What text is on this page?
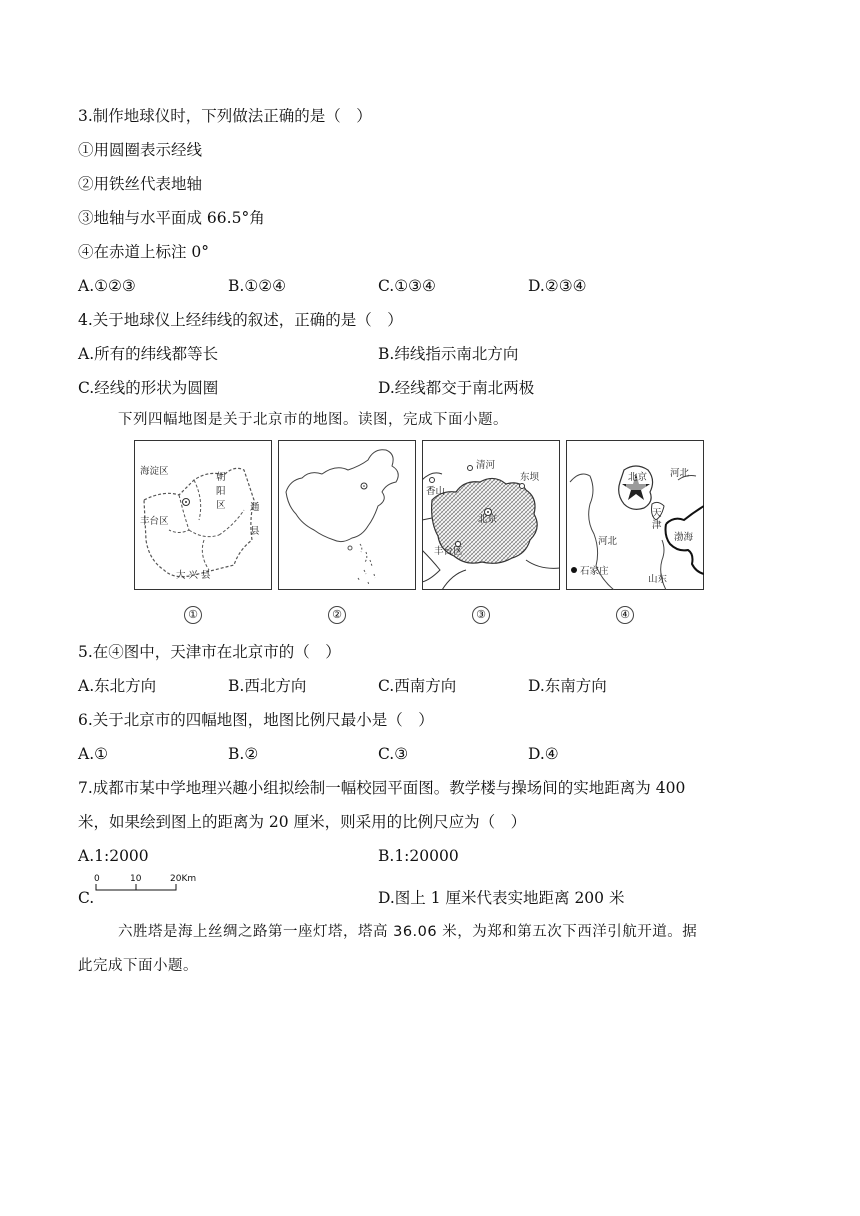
3.制作地球仪时，下列做法正确的是（　）
①用圆圈表示经线
②用铁丝代表地轴
③地轴与水平面成 66.5°角
④在赤道上标注 0°
A.①②③	B.①②④	C.①③④	D.②③④
4.关于地球仪上经纬线的叙述，正确的是（　）
A.所有的纬线都等长	B.纬线指示南北方向
C.经线的形状为圆圈	D.经线都交于南北两极
下列四幅地图是关于北京市的地图。读图，完成下面小题。
海淀区
朝
阳
区	通
县
丰台区
大 兴 县
清河
东坝
香山
北京
丰台区
北京 河北
天
津
渤海
河北
石家庄
山东
①	②	③	④
5.在④图中，天津市在北京市的（　）
A.东北方向	B.西北方向	C.西南方向	D.东南方向
6.关于北京市的四幅地图，地图比例尺最小是（　）
A.①	B.②	C.③	D.④
7.成都市某中学地理兴趣小组拟绘制一幅校园平面图。教学楼与操场间的实地距离为 400
米，如果绘到图上的距离为 20 厘米，则采用的比例尺应为（　）
A.1:2000	B.1:20000
C.
0	10	20Km
D.图上 1 厘米代表实地距离 200 米
六胜塔是海上丝绸之路第一座灯塔，塔高 36.06 米，为郑和第五次下西洋引航开道。据
此完成下面小题。
